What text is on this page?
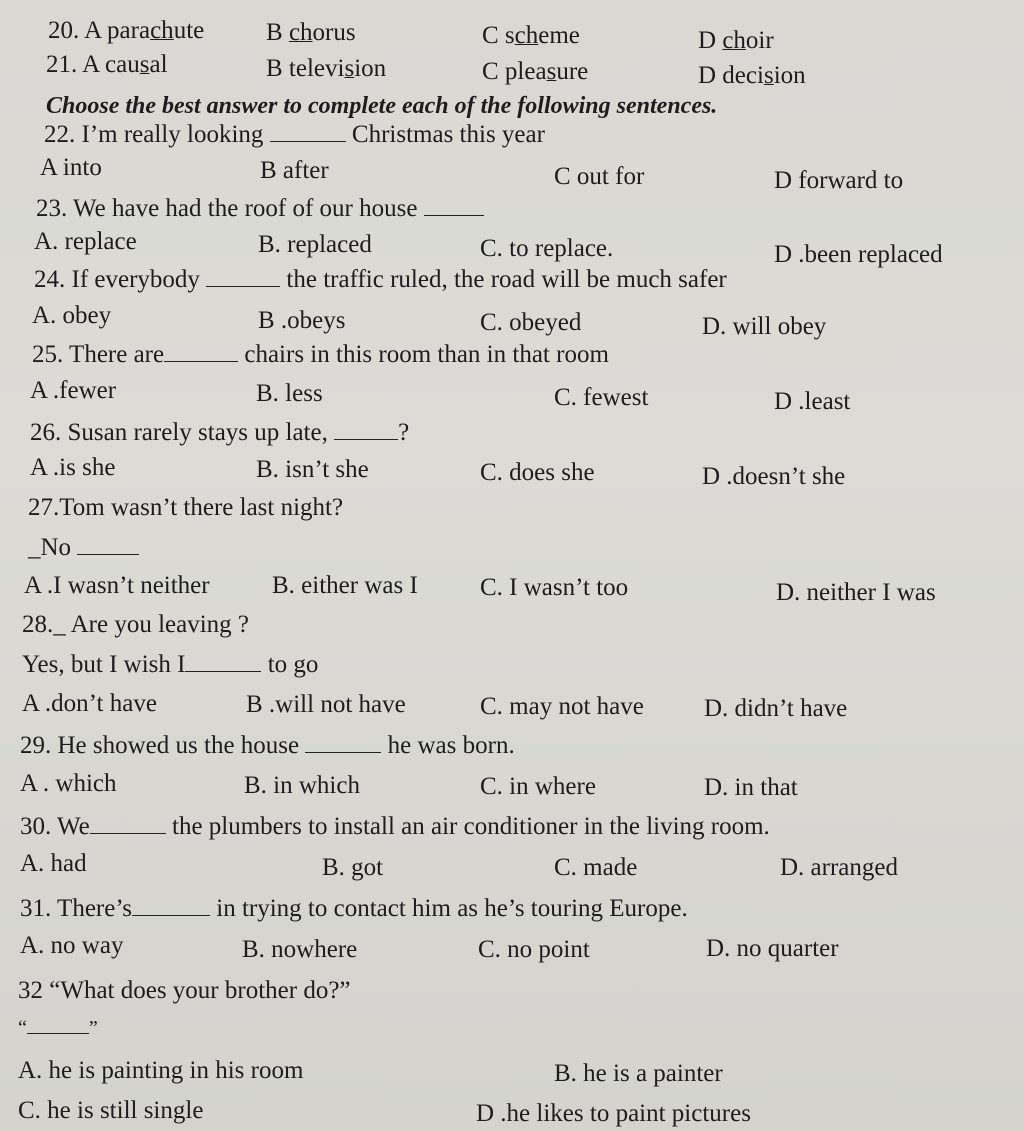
20. A parachute B chorus	C scheme	D choir
21. A causal	B television	C pleasure	D decision
Choose the best answer to complete each of the following sentences.
22. I’m really looking	Christmas this year
A into	B after	C out for	D forward to
23. We have had the roof of our house
A. replace	B. replaced	C. to replace.	D .been replaced
24. If everybody	the traffic ruled, the road will be much safer
A. obey	B .obeys	C. obeyed	D. will obey
25. There are	chairs in this room than in that room
A .fewer	B. less	C. fewest	D .least
26. Susan rarely stays up late,	?
A .is she	B. isn’t she	C. does she	D .doesn’t she
27.Tom wasn’t there last night?
_No
A .I wasn’t neither B. either was I C. I wasn’t too	D. neither I was
28._ Are you leaving ?
Yes, but I wish I	to go
A .don’t have	B .will not have	C. may not have D. didn’t have
29. He showed us the house	he was born.
A . which	B. in which	C. in where	D. in that
30. We	the plumbers to install an air conditioner in the living room.
A. had	B. got	C. made	D. arranged
31. There’s	in trying to contact him as he’s touring Europe.
A. no way	B. nowhere	C. no point	D. no quarter
32 “What does your brother do?”
“	”
A. he is painting in his room	B. he is a painter
C. he is still single	D .he likes to paint pictures
